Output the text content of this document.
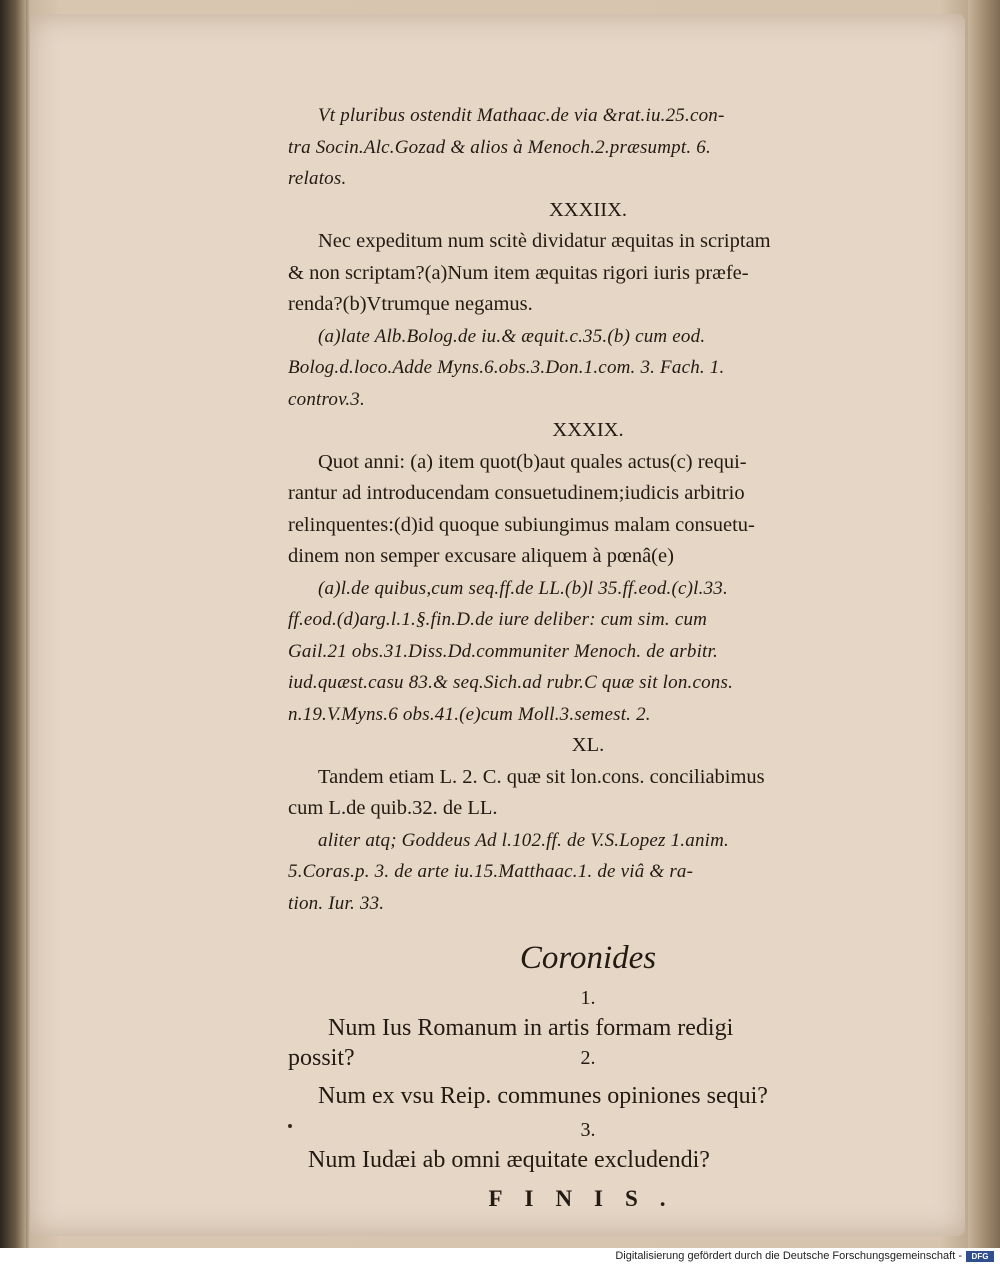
Vt pluribus ostendit Mathaac.de via &rat.iu.25.con-
tra Socin.Alc.Gozad & alios à Menoch.2.præsumpt. 6.
relatos.
XXXIIX.
Nec expeditum num scitè dividatur æquitas in scriptam
& non scriptam?(a)Num item æquitas rigori iuris præfe-
renda?(b)Vtrumque negamus.
(a)late Alb.Bolog.de iu.& æquit.c.35.(b) cum eod.
Bolog.d.loco.Adde Myns.6.obs.3.Don.1.com. 3. Fach. 1.
controv.3.
XXXIX.
Quot anni: (a) item quot(b)aut quales actus(c) requi-
rantur ad introducendam consuetudinem;iudicis arbitrio
relinquentes:(d)id quoque subiungimus malam consuetu-
dinem non semper excusare aliquem à pœnâ(e)
(a)l.de quibus,cum seq.ff.de LL.(b)l 35.ff.eod.(c)l.33.
ff.eod.(d)arg.l.1.§.fin.D.de iure deliber: cum sim. cum
Gail.21 obs.31.Diss.Dd.communiter Menoch. de arbitr.
iud.quæst.casu 83.& seq.Sich.ad rubr.C quæ sit lon.cons.
n.19.V.Myns.6 obs.41.(e)cum Moll.3.semest. 2.
XL.
Tandem etiam L. 2. C. quæ sit lon.cons. conciliabimus
cum L.de quib.32. de LL.
aliter atq; Goddeus Ad l.102.ff. de V.S.Lopez 1.anim.
5.Coras.p. 3. de arte iu.15.Matthaac.1. de viâ & ra-
tion. Iur. 33.
Coronides
1.
Num Ius Romanum in artis formam redigi
possit?	2.
Num ex vsu Reip. communes opiniones sequi?
3.
Num Iudæi ab omni æquitate excludendi?
FINIS.
Digitalisierung gefördert durch die Deutsche Forschungsgemeinschaft -	DFG
